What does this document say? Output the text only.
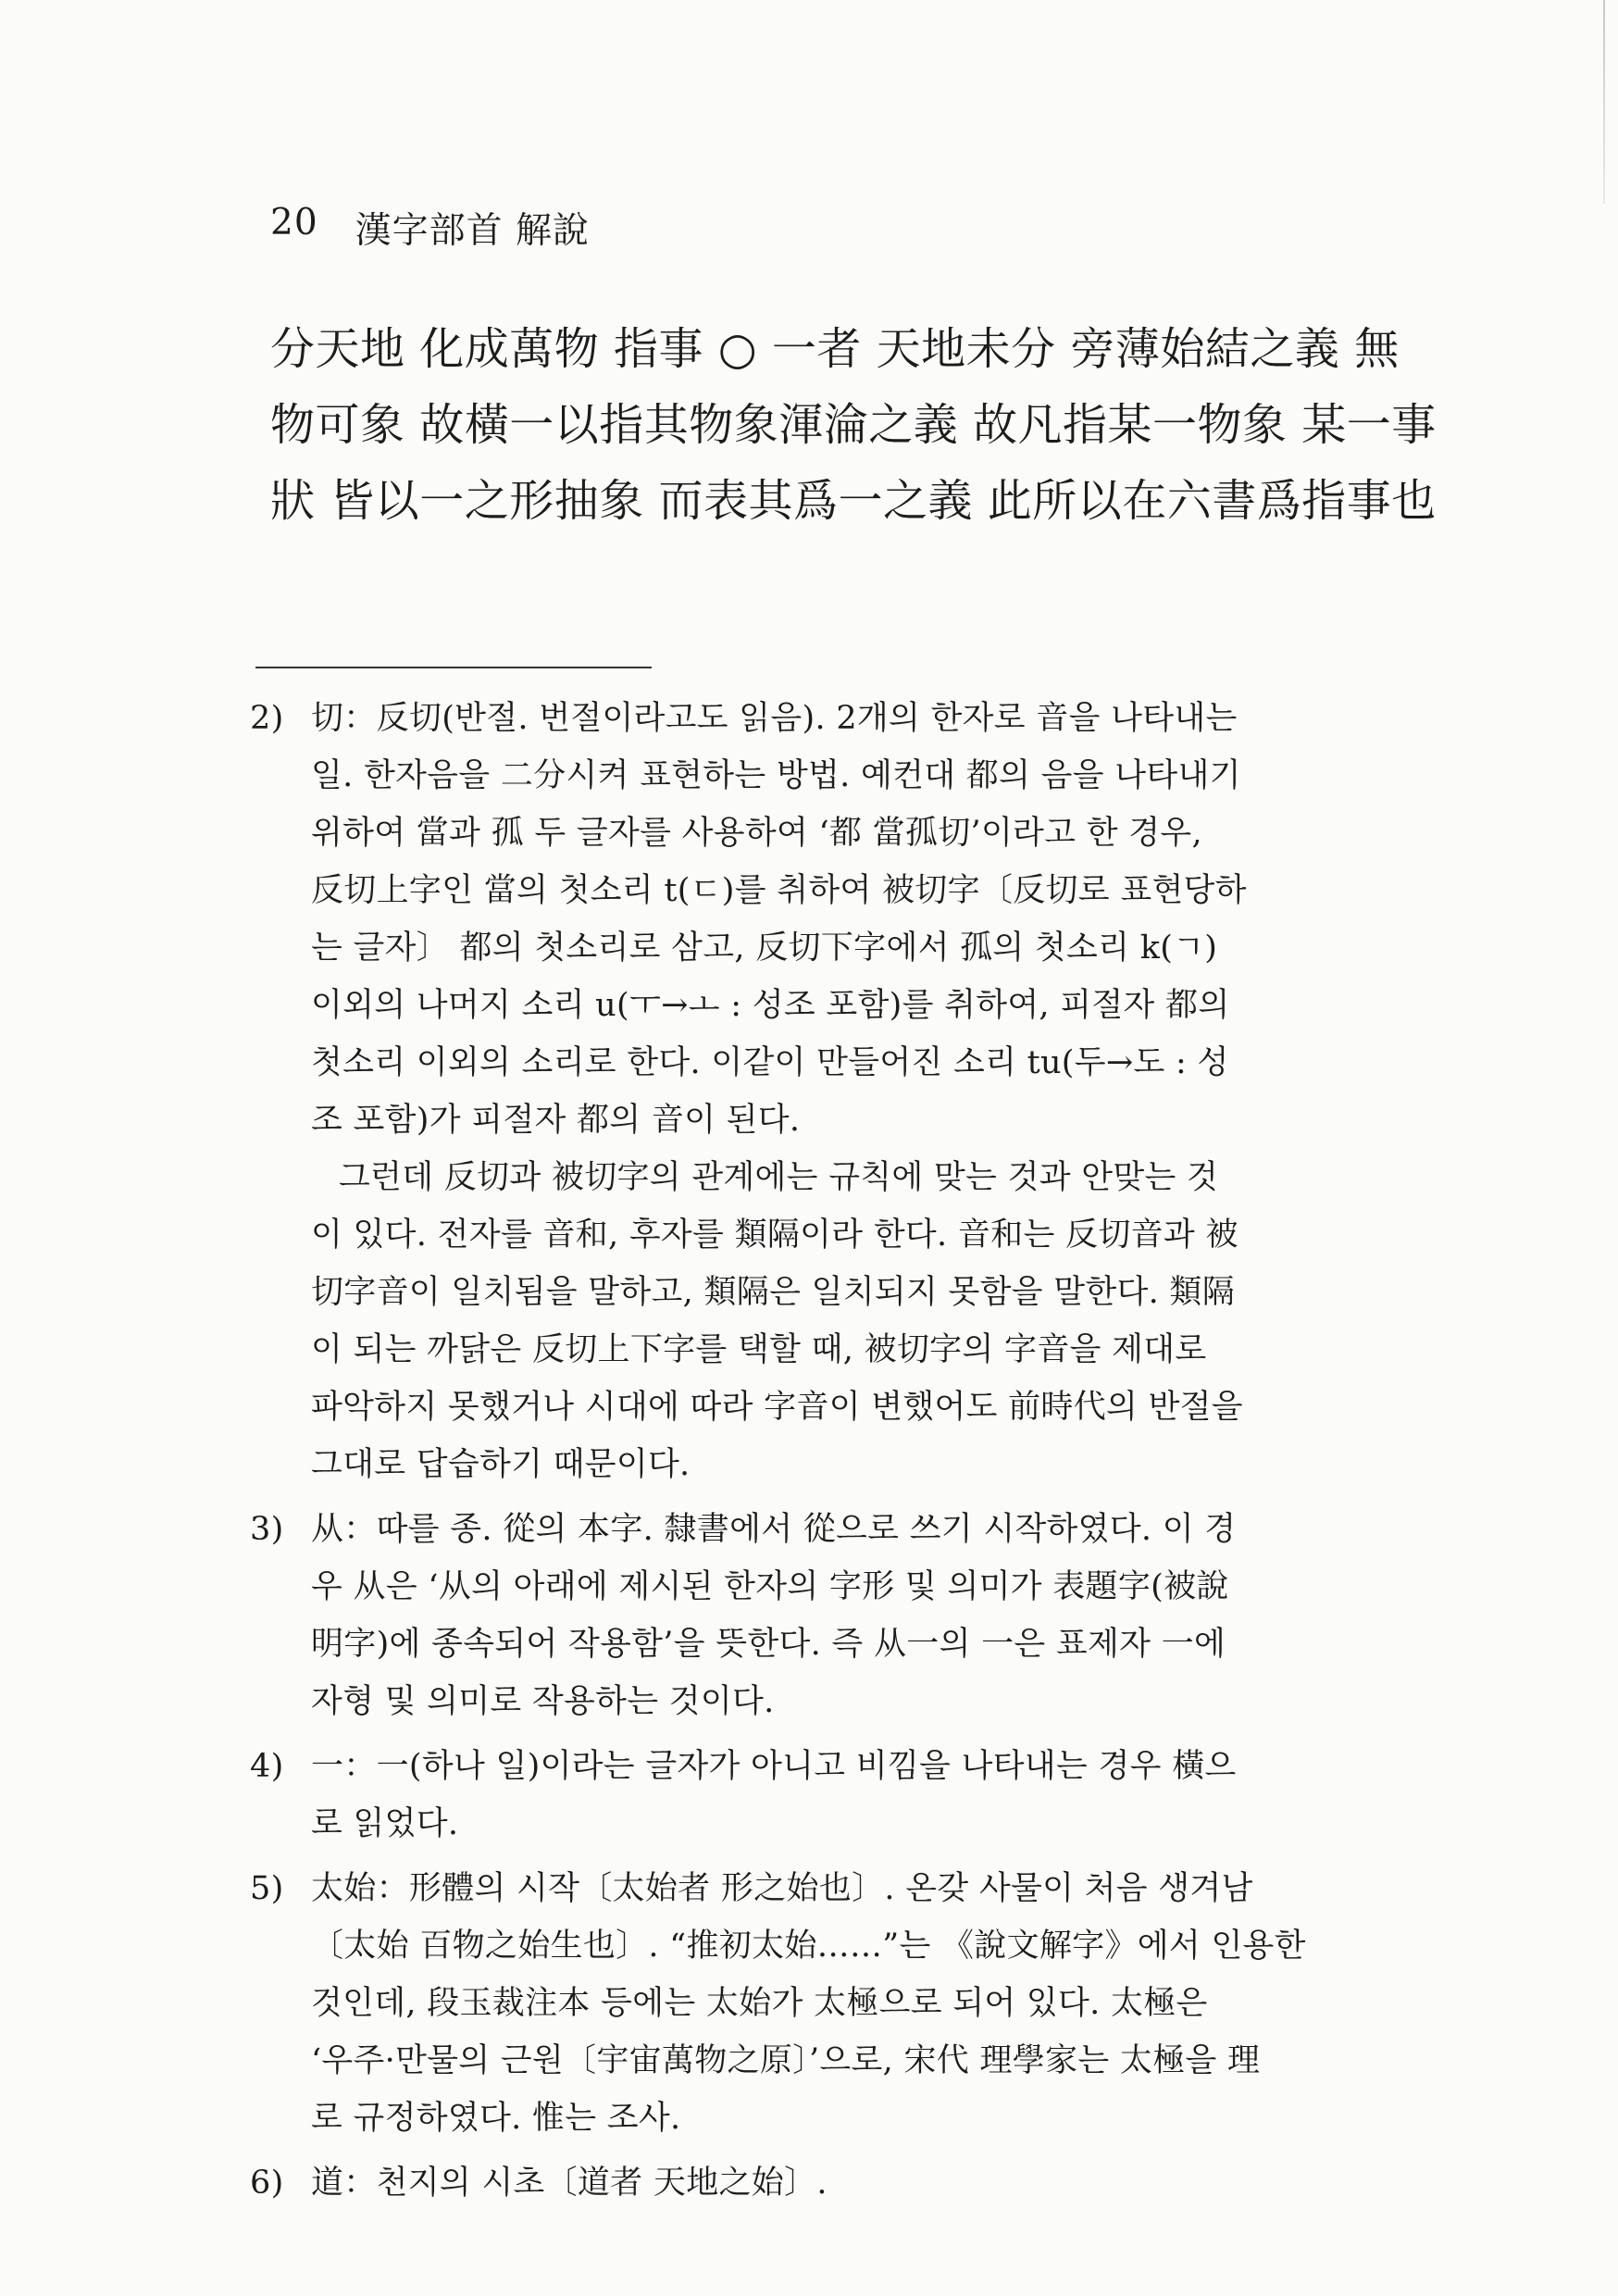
20 漢字部首 解說
分天地 化成萬物 指事 ○ 一者 天地未分 旁薄始結之義 無
物可象 故橫一以指其物象渾淪之義 故凡指某一物象 某一事
狀 皆以一之形抽象 而表其爲一之義 此所以在六書爲指事也
2) 切：反切(반절. 번절이라고도 읽음). 2개의 한자로 音을 나타내는
일. 한자음을 二分시켜 표현하는 방법. 예컨대 都의 음을 나타내기
위하여 當과 孤 두 글자를 사용하여 ‘都 當孤切’이라고 한 경우,
反切上字인 當의 첫소리 t(ㄷ)를 취하여 被切字〔反切로 표현당하
는 글자〕 都의 첫소리로 삼고, 反切下字에서 孤의 첫소리 k(ㄱ)
이외의 나머지 소리 u(ㅜ→ㅗ : 성조 포함)를 취하여, 피절자 都의
첫소리 이외의 소리로 한다. 이같이 만들어진 소리 tu(두→도 : 성
조 포함)가 피절자 都의 音이 된다.
그런데 反切과 被切字의 관계에는 규칙에 맞는 것과 안맞는 것
이 있다. 전자를 音和, 후자를 類隔이라 한다. 音和는 反切音과 被
切字音이 일치됨을 말하고, 類隔은 일치되지 못함을 말한다. 類隔
이 되는 까닭은 反切上下字를 택할 때, 被切字의 字音을 제대로
파악하지 못했거나 시대에 따라 字音이 변했어도 前時代의 반절을
그대로 답습하기 때문이다.
3) 从：따를 종. 從의 本字. 隸書에서 從으로 쓰기 시작하였다. 이 경
우 从은 ‘从의 아래에 제시된 한자의 字形 및 의미가 表題字(被說
明字)에 종속되어 작용함’을 뜻한다. 즉 从一의 一은 표제자 一에
자형 및 의미로 작용하는 것이다.
4) 一：一(하나 일)이라는 글자가 아니고 비낌을 나타내는 경우 橫으
로 읽었다.
5) 太始：形體의 시작〔太始者 形之始也〕. 온갖 사물이 처음 생겨남
〔太始 百物之始生也〕. “推初太始……”는 《說文解字》에서 인용한
것인데, 段玉裁注本 등에는 太始가 太極으로 되어 있다. 太極은
‘우주·만물의 근원〔宇宙萬物之原〕’으로, 宋代 理學家는 太極을 理
로 규정하였다. 惟는 조사.
6) 道：천지의 시초〔道者 天地之始〕.
